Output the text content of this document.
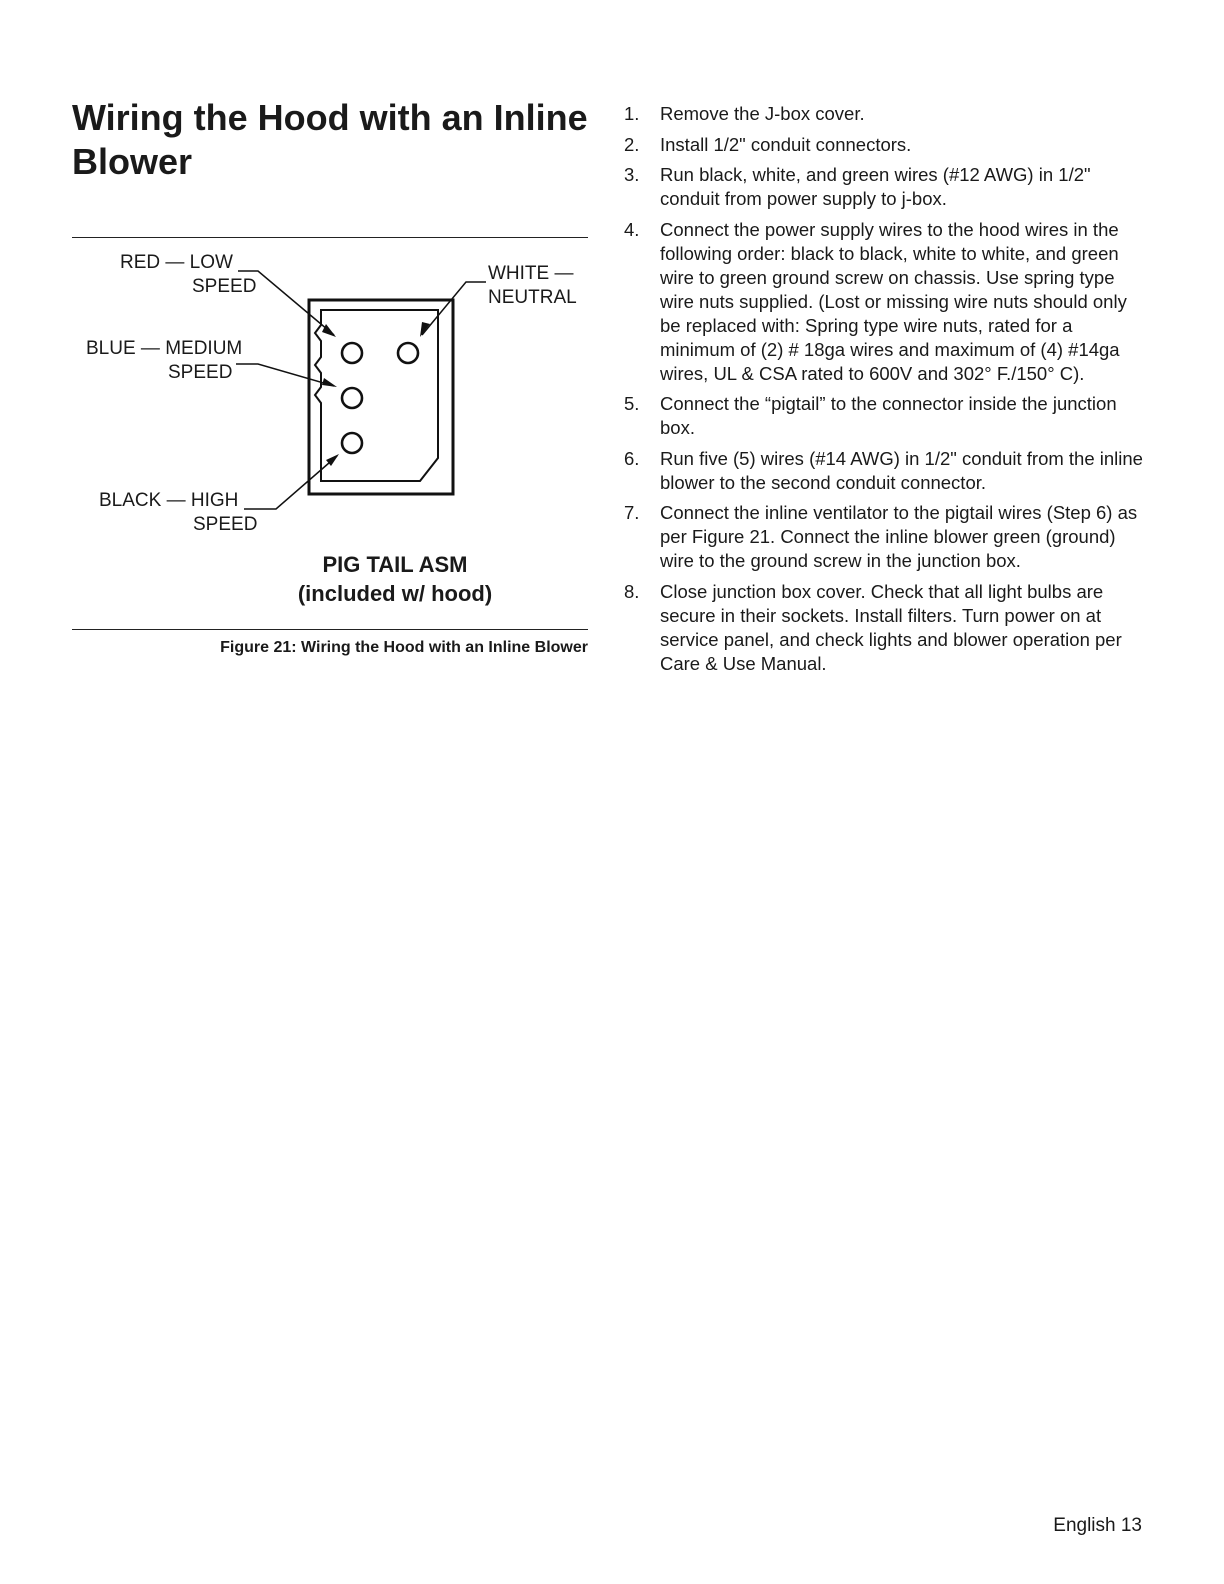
Wiring the Hood with an Inline Blower
RED — LOW
SPEED
BLUE — MEDIUM
SPEED
BLACK — HIGH
SPEED
WHITE —
NEUTRAL
PIG TAIL ASM
(included w/ hood)
Figure 21: Wiring the Hood with an Inline Blower
1. Remove the J-box cover.
2. Install 1/2" conduit connectors.
3. Run black, white, and green wires (#12 AWG) in 1/2" conduit from power supply to j-box.
4. Connect the power supply wires to the hood wires in the following order: black to black, white to white, and green wire to green ground screw on chassis. Use spring type wire nuts supplied. (Lost or missing wire nuts should only be replaced with: Spring type wire nuts, rated for a minimum of (2) # 18ga wires and maximum of (4) #14ga wires, UL & CSA rated to 600V and 302° F./150° C).
5. Connect the “pigtail” to the connector inside the junction box.
6. Run five (5) wires (#14 AWG) in 1/2" conduit from the inline blower to the second conduit connector.
7. Connect the inline ventilator to the pigtail wires (Step 6) as per Figure 21. Connect the inline blower green (ground) wire to the ground screw in the junction box.
8. Close junction box cover. Check that all light bulbs are secure in their sockets. Install filters. Turn power on at service panel, and check lights and blower operation per Care & Use Manual.
English 13
